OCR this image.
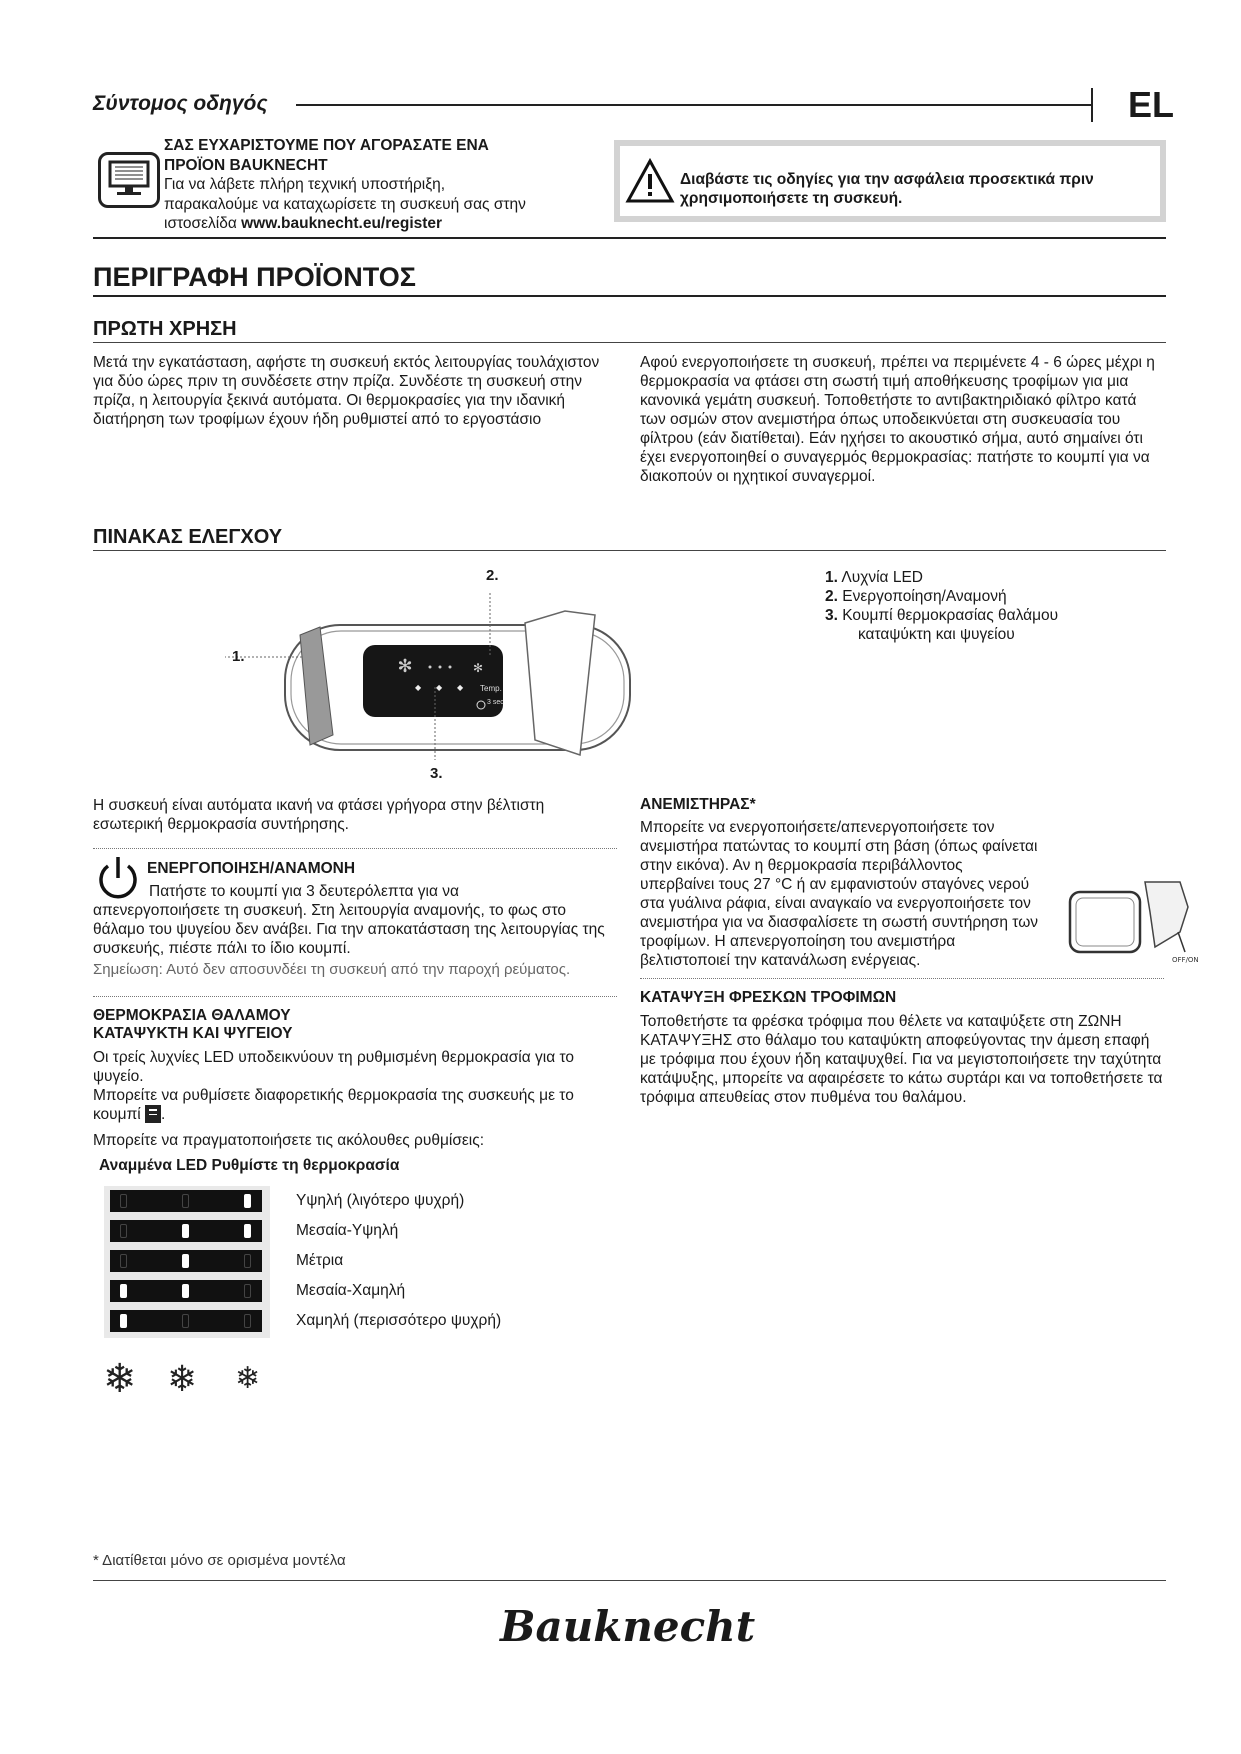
Σύντομος οδηγός	EL
ΣΑΣ ΕΥΧΑΡΙΣΤΟΥΜΕ ΠΟΥ ΑΓΟΡΑΣΑΤΕ ΕΝΑ
ΠΡΟΪΟΝ BAUKNECHT
Για να λάβετε πλήρη τεχνική υποστήριξη,
παρακαλούμε να καταχωρίσετε τη συσκευή σας στην
ιστοσελίδα www.bauknecht.eu/register
Διαβάστε τις οδηγίες για την ασφάλεια προσεκτικά πριν
χρησιμοποιήσετε τη συσκευή.
ΠΕΡΙΓΡΑΦΗ ΠΡΟΪΟΝΤΟΣ
ΠΡΩΤΗ ΧΡΗΣΗ
Μετά την εγκατάσταση, αφήστε τη συσκευή εκτός λειτουργίας τουλάχιστον για δύο ώρες πριν τη συνδέσετε στην πρίζα. Συνδέστε τη συσκευή στην πρίζα, η λειτουργία ξεκινά αυτόματα. Οι θερμοκρασίες για την ιδανική διατήρηση των τροφίμων έχουν ήδη ρυθμιστεί από το εργοστάσιο
Αφού ενεργοποιήσετε τη συσκευή, πρέπει να περιμένετε 4 - 6 ώρες μέχρι η θερμοκρασία να φτάσει στη σωστή τιμή αποθήκευσης τροφίμων για μια κανονικά γεμάτη συσκευή. Τοποθετήστε το αντιβακτηριδιακό φίλτρο κατά των οσμών στον ανεμιστήρα όπως υποδεικνύεται στη συσκευασία του φίλτρου (εάν διατίθεται). Εάν ηχήσει το ακουστικό σήμα, αυτό σημαίνει ότι έχει ενεργοποιηθεί ο συναγερμός θερμοκρασίας: πατήστε το κουμπί για να διακοπούν οι ηχητικοί συναγερμοί.
ΠΙΝΑΚΑΣ ΕΛΕΓΧΟΥ
✻	✻
◆ ◆ ◆ Temp.
3 sec
1.
2.
3.
1. Λυχνία LED
2. Ενεργοποίηση/Αναμονή
3. Κουμπί θερμοκρασίας θαλάμου
καταψύκτη και ψυγείου
Η συσκευή είναι αυτόματα ικανή να φτάσει γρήγορα στην βέλτιστη εσωτερική θερμοκρασία συντήρησης.
ΕΝΕΡΓΟΠΟΙΗΣΗ/ΑΝΑΜΟΝΗ
Πατήστε το κουμπί για 3 δευτερόλεπτα για να
απενεργοποιήσετε τη συσκευή. Στη λειτουργία αναμονής, το φως στο θάλαμο του ψυγείου δεν ανάβει. Για την αποκατάσταση της λειτουργίας της συσκευής, πιέστε πάλι το ίδιο κουμπί.
Σημείωση: Αυτό δεν αποσυνδέει τη συσκευή από την παροχή ρεύματος.
ΘΕΡΜΟΚΡΑΣΙΑ ΘΑΛΑΜΟΥ
ΚΑΤΑΨΥΚΤΗ ΚΑΙ ΨΥΓΕΙΟΥ
Οι τρείς λυχνίες LED υποδεικνύουν τη ρυθμισμένη θερμοκρασία για το ψυγείο.
Μπορείτε να ρυθμίσετε διαφορετικής θερμοκρασία της συσκευής με το
κουμπί .
Μπορείτε να πραγματοποιήσετε τις ακόλουθες ρυθμίσεις:
Αναμμένα LED Ρυθμίστε τη θερμοκρασία
Υψηλή (λιγότερο ψυχρή)
Μεσαία-Υψηλή
Μέτρια
Μεσαία-Χαμηλή
Χαμηλή (περισσότερο ψυχρή)
❄ ❄ ❄
ΑΝΕΜΙΣΤΗΡΑΣ*
Μπορείτε να ενεργοποιήσετε/απενεργοποιήσετε τον ανεμιστήρα πατώντας το κουμπί στη βάση (όπως φαίνεται στην εικόνα). Αν η θερμοκρασία περιβάλλοντος υπερβαίνει τους 27 °C ή αν εμφανιστούν σταγόνες νερού στα γυάλινα ράφια, είναι αναγκαίο να ενεργοποιήσετε τον ανεμιστήρα για να διασφαλίσετε τη σωστή συντήρηση των τροφίμων. Η απενεργοποίηση του ανεμιστήρα βελτιστοποιεί την κατανάλωση ενέργειας.	OFF/ON
ΚΑΤΑΨΥΞΗ ΦΡΕΣΚΩΝ ΤΡΟΦΙΜΩΝ
Τοποθετήστε τα φρέσκα τρόφιμα που θέλετε να καταψύξετε στη ΖΩΝΗ ΚΑΤΑΨΥΞΗΣ στο θάλαμο του καταψύκτη αποφεύγοντας την άμεση επαφή με τρόφιμα που έχουν ήδη καταψυχθεί. Για να μεγιστοποιήσετε την ταχύτητα κατάψυξης, μπορείτε να αφαιρέσετε το κάτω συρτάρι και να τοποθετήσετε τα τρόφιμα απευθείας στον πυθμένα του θαλάμου.
* Διατίθεται μόνο σε ορισμένα μοντέλα
Bauknecht
